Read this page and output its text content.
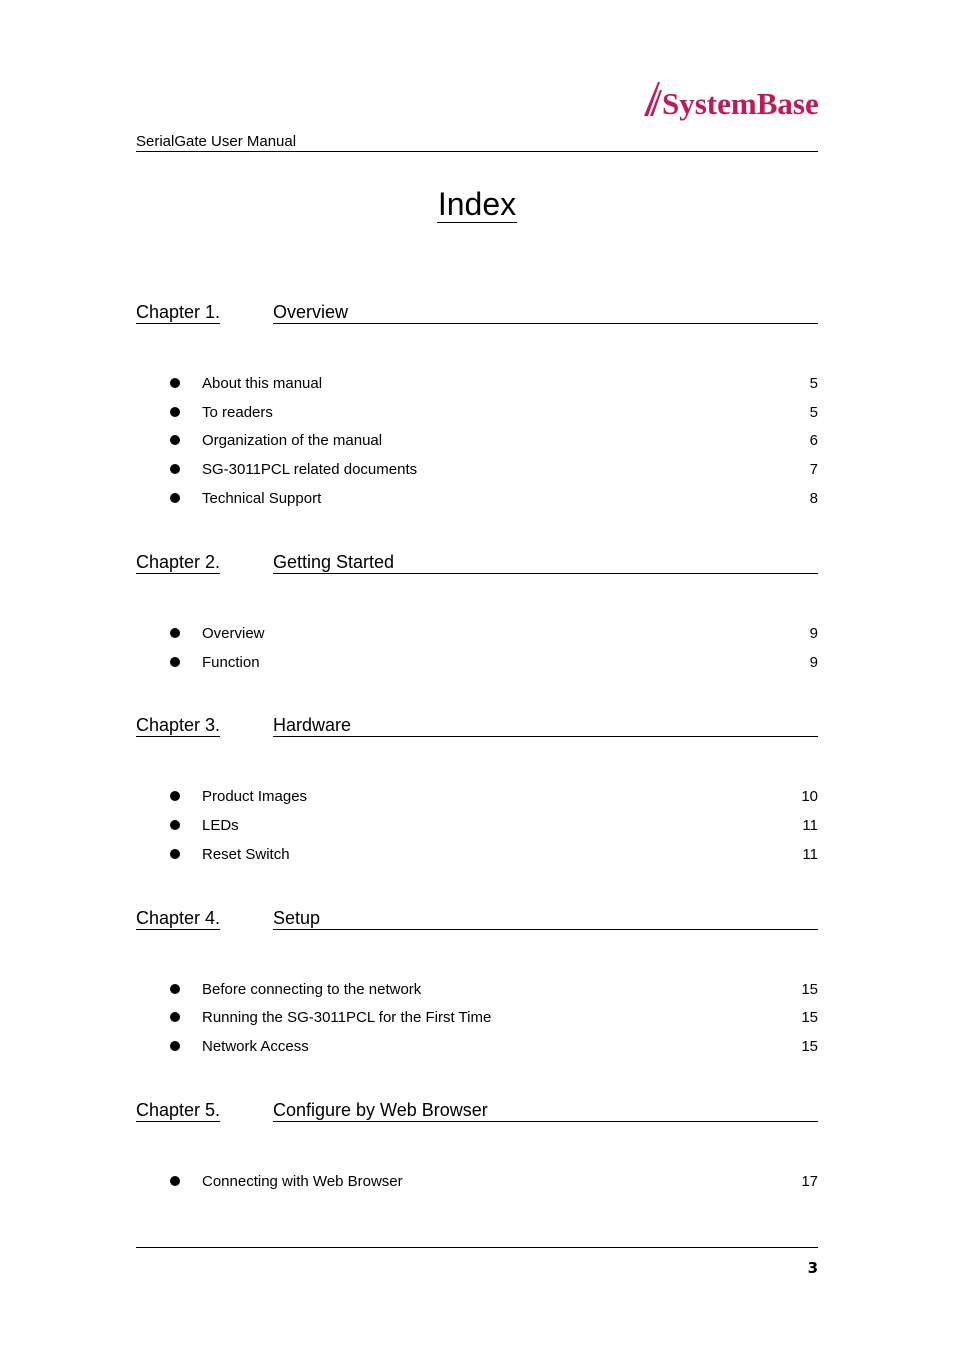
SystemBase
SerialGate User Manual
Index
Chapter 1.	Overview
About this manual	5
To readers	5
Organization of the manual	6
SG-3011PCL related documents	7
Technical Support	8
Chapter 2.	Getting Started
Overview	9
Function	9
Chapter 3.	Hardware
Product Images	10
LEDs	11
Reset Switch	11
Chapter 4.	Setup
Before connecting to the network	15
Running the SG-3011PCL for the First Time	15
Network Access	15
Chapter 5.	Configure by Web Browser
Connecting with Web Browser	17
3
